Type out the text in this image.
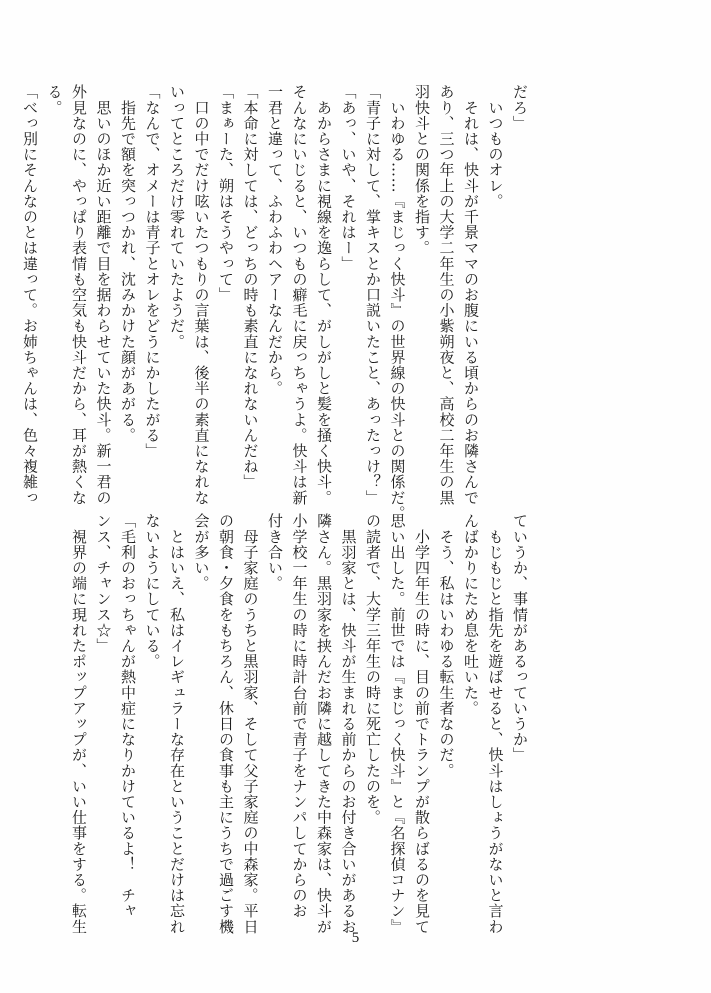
だろ」
　いつものオレ。
　それは、快斗が千景ママのお腹にいる頃からのお隣さんで
あり、三つ年上の大学二年生の小紫朔夜と、高校二年生の黒
羽快斗との関係を指す。
　いわゆる……『まじっく快斗』の世界線の快斗との関係だ。
「青子に対して、掌キスとか口説いたこと、あったっけ？」
「あっ、いや、それはー」
　あからさまに視線を逸らして、がしがしと髪を掻く快斗。
そんなにいじると、いつもの癖毛に戻っちゃうよ。快斗は新
一君と違って、ふわふわヘアーなんだから。
「本命に対しては、どっちの時も素直になれないんだね」
「まぁーた、朔はそうやって」
　口の中でだけ呟いたつもりの言葉は、後半の素直になれな
いってところだけ零れていたようだ。
「なんで、オメーは青子とオレをどうにかしたがる」
　指先で額を突っつかれ、沈みかけた顔があがる。
　思いのほか近い距離で目を据わらせていた快斗。新一君の
外見なのに、やっぱり表情も空気も快斗だから、耳が熱くな
る。
「べっ別にそんなのとは違って。お姉ちゃんは、色々複雑っ
ていうか、事情があるっていうか」
　もじもじと指先を遊ばせると、快斗はしょうがないと言わ
んばかりにため息を吐いた。
　そう、私はいわゆる転生者なのだ。
　小学四年生の時に、目の前でトランプが散らばるのを見て
思い出した。前世では『まじっく快斗』と『名探偵コナン』
の読者で、大学三年生の時に死亡したのを。
　黒羽家とは、快斗が生まれる前からのお付き合いがあるお
隣さん。黒羽家を挟んだお隣に越してきた中森家は、快斗が
小学校一年生の時に時計台前で青子をナンパしてからのお
付き合い。
　母子家庭のうちと黒羽家、そして父子家庭の中森家。平日
の朝食・夕食をもちろん、休日の食事も主にうちで過ごす機
会が多い。
　とはいえ、私はイレギュラーな存在ということだけは忘れ
ないようにしている。
「毛利のおっちゃんが熱中症になりかけているよ！　チャ
ンス、チャンス☆」
　視界の端に現れたポップアップが、いい仕事をする。転生
5
